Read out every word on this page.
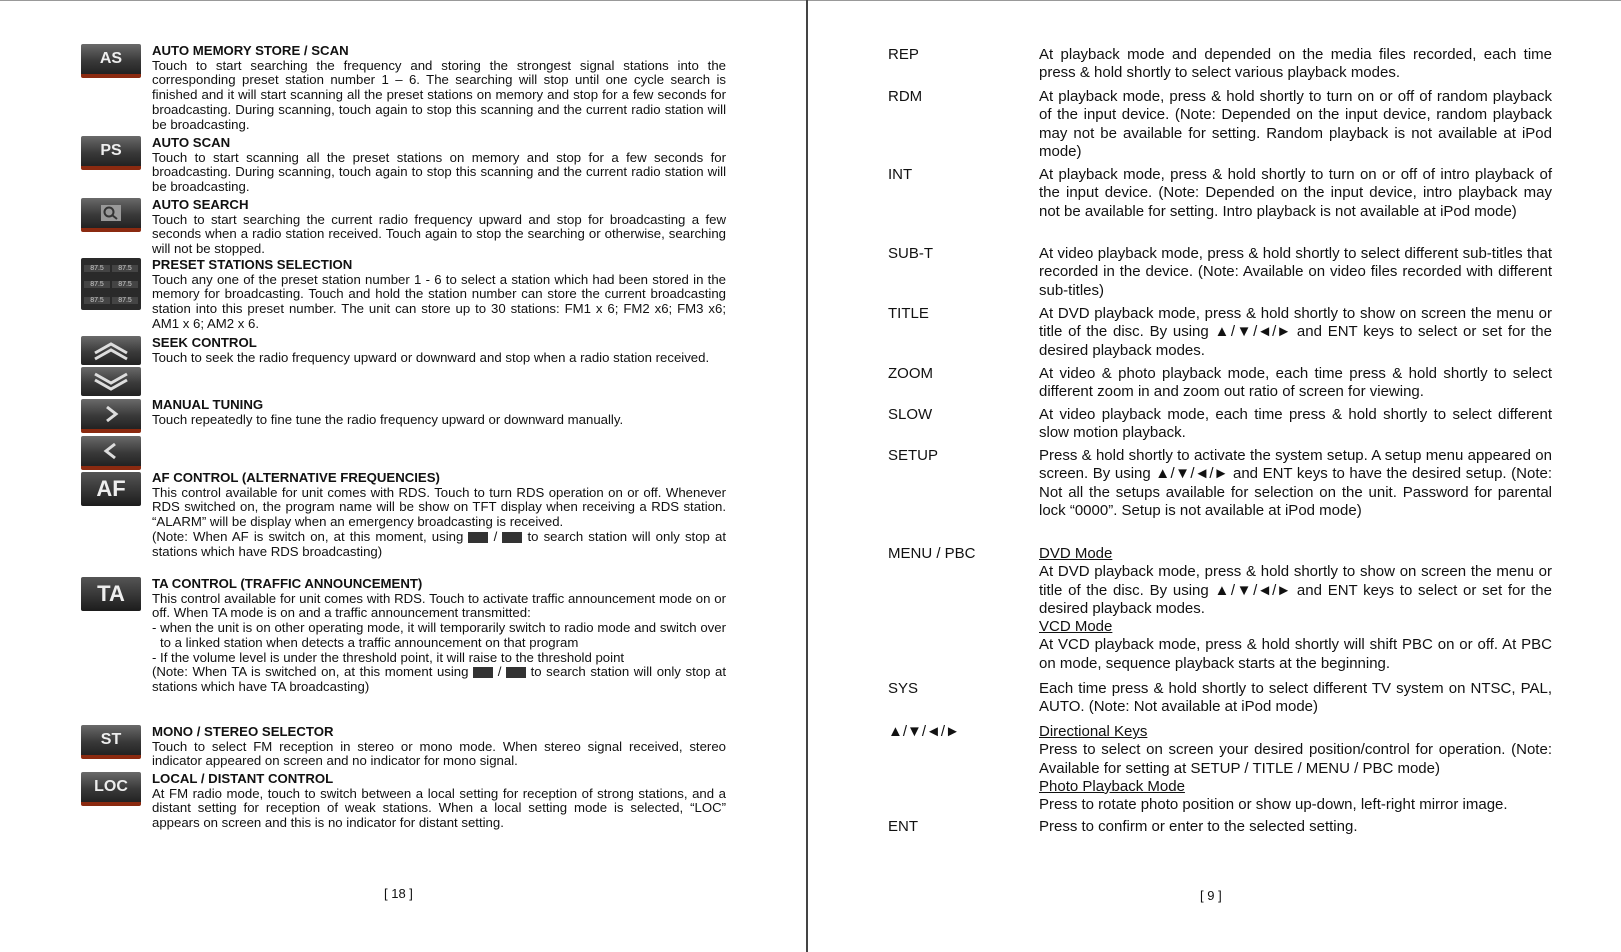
AS	AUTO MEMORY STORE / SCAN

Touch to start searching the frequency and storing the strongest signal stations into the corresponding preset station number 1 – 6. The searching will stop until one cycle search is finished and it will start scanning all the preset stations on memory and stop for a few seconds for broadcasting. During scanning, touch again to stop this scanning and the current radio station will be broadcasting.

PS	AUTO SCAN

Touch to start scanning all the preset stations on memory and stop for a few seconds for broadcasting. During scanning, touch again to stop this scanning and the current radio station will be broadcasting.

AUTO SEARCH

Touch to start searching the current radio frequency upward and stop for broadcasting a few seconds when a radio station received. Touch again to stop the searching or otherwise, searching will not be stopped.

87.5	87.5
87.5	87.5
87.5	87.5
PRESET STATIONS SELECTION

Touch any one of the preset station number 1 - 6 to select a station which had been stored in the memory for broadcasting. Touch and hold the station number can store the current broadcasting station into this preset number. The unit can store up to 30 stations: FM1 x 6; FM2 x6; FM3 x6; AM1 x 6; AM2 x 6.

SEEK CONTROL

Touch to seek the radio frequency upward or downward and stop when a radio station received.

MANUAL TUNING

Touch repeatedly to fine tune the radio frequency upward or downward manually.

AF	AF CONTROL (ALTERNATIVE FREQUENCIES)

This control available for unit comes with RDS. Touch to turn RDS operation on or off. Whenever RDS switched on, the program name will be show on TFT display when receiving a RDS station. “ALARM” will be display when an emergency broadcasting is received.

(Note: When AF is switch on, at this moment, using  /  to search station will only stop at stations which have RDS broadcasting)

TA	TA CONTROL (TRAFFIC ANNOUNCEMENT)

This control available for unit comes with RDS. Touch to activate traffic announcement mode on or off. When TA mode is on and a traffic announcement transmitted:

- when the unit is on other operating mode, it will temporarily switch to radio mode and switch over to a linked station when detects a traffic announcement on that program

- If the volume level is under the threshold point, it will raise to the threshold point

(Note: When TA is switched on, at this moment using  /  to search station will only stop at stations which have TA broadcasting)

ST	MONO / STEREO SELECTOR

Touch to select FM reception in stereo or mono mode. When stereo signal received, stereo indicator appeared on screen and no indicator for mono signal.

LOC	LOCAL / DISTANT CONTROL

At FM radio mode, touch to switch between a local setting for reception of strong stations, and a distant setting for reception of weak stations. When a local setting mode is selected, “LOC” appears on screen and this is no indicator for distant setting.

[ 18 ]
REP	At playback mode and depended on the media files recorded, each time press & hold shortly to select various playback modes.
RDM	At playback mode, press & hold shortly to turn on or off of random playback of the input device. (Note: Depended on the input device, random playback may not be available for setting. Random playback is not available at iPod mode)
INT	At playback mode, press & hold shortly to turn on or off of intro playback of the input device. (Note: Depended on the input device, intro playback may not be available for setting. Intro playback is not available at iPod mode)
SUB-T	At video playback mode, press & hold shortly to select different sub-titles that recorded in the device. (Note: Available on video files recorded with different sub-titles)
TITLE	At DVD playback mode, press & hold shortly to show on screen the menu or title of the disc. By using ▲/▼/◄/► and ENT keys to select or set for the desired playback modes.
ZOOM	At video & photo playback mode, each time press & hold shortly to select different zoom in and zoom out ratio of screen for viewing.
SLOW	At video playback mode, each time press & hold shortly to select different slow motion playback.
SETUP	Press & hold shortly to activate the system setup. A setup menu appeared on screen. By using ▲/▼/◄/► and ENT keys to have the desired setup. (Note: Not all the setups available for selection on the unit. Password for parental lock “0000”. Setup is not available at iPod mode)
MENU / PBC	DVD Mode

At DVD playback mode, press & hold shortly to show on screen the menu or title of the disc. By using ▲/▼/◄/► and ENT keys to select or set for the desired playback modes.

VCD Mode

At VCD playback mode, press & hold shortly will shift PBC on or off. At PBC on mode, sequence playback starts at the beginning.

SYS	Each time press & hold shortly to select different TV system on NTSC, PAL, AUTO. (Note: Not available at iPod mode)
▲/▼/◄/►	Directional Keys

Press to select on screen your desired position/control for operation. (Note: Available for setting at SETUP / TITLE / MENU / PBC mode)

Photo Playback Mode

Press to rotate photo position or show up-down, left-right mirror image.

ENT	Press to confirm or enter to the selected setting.
[ 9 ]
